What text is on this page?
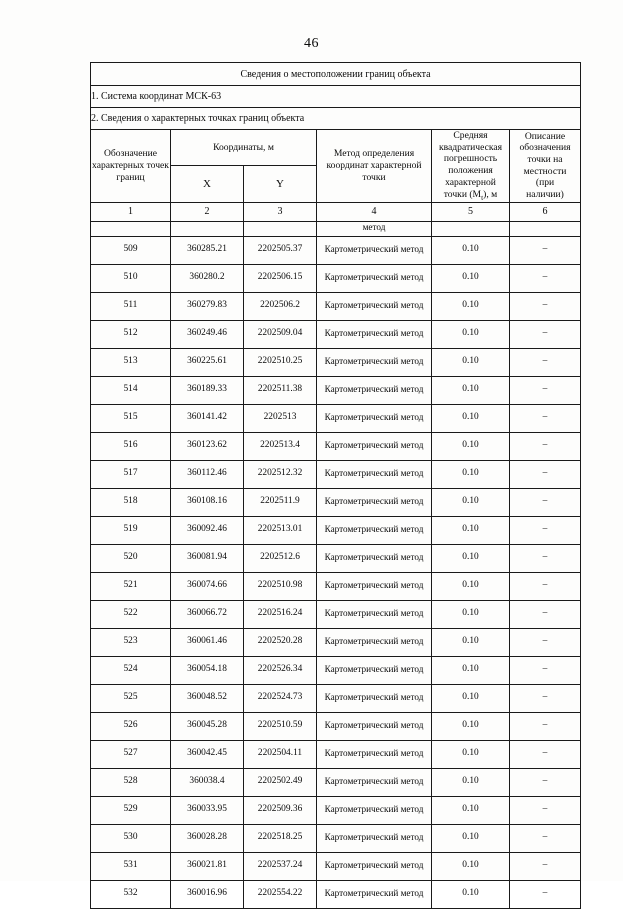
46
Сведения о местоположении границ объекта					
1. Система координат МСК-63					
2. Сведения о характерных точках границ объекта					
Обозначение характерных точек границ	Координаты, м	Метод определения координат характерной точки	Средняя
квадратическая
погрешность
положения
характерной
точки $(M_t)$, м	Описание
обозначения
точки на
местности
(при
наличии)
	X	Y			
1	2	3	4	5	6
			метод		
509	360285.21	2202505.37	Картометрический метод	0.10	–
510	360280.2	2202506.15	Картометрический метод	0.10	–
511	360279.83	2202506.2	Картометрический метод	0.10	–
512	360249.46	2202509.04	Картометрический метод	0.10	–
513	360225.61	2202510.25	Картометрический метод	0.10	–
514	360189.33	2202511.38	Картометрический метод	0.10	–
515	360141.42	2202513	Картометрический метод	0.10	–
516	360123.62	2202513.4	Картометрический метод	0.10	–
517	360112.46	2202512.32	Картометрический метод	0.10	–
518	360108.16	2202511.9	Картометрический метод	0.10	–
519	360092.46	2202513.01	Картометрический метод	0.10	–
520	360081.94	2202512.6	Картометрический метод	0.10	–
521	360074.66	2202510.98	Картометрический метод	0.10	–
522	360066.72	2202516.24	Картометрический метод	0.10	–
523	360061.46	2202520.28	Картометрический метод	0.10	–
524	360054.18	2202526.34	Картометрический метод	0.10	–
525	360048.52	2202524.73	Картометрический метод	0.10	–
526	360045.28	2202510.59	Картометрический метод	0.10	–
527	360042.45	2202504.11	Картометрический метод	0.10	–
528	360038.4	2202502.49	Картометрический метод	0.10	–
529	360033.95	2202509.36	Картометрический метод	0.10	–
530	360028.28	2202518.25	Картометрический метод	0.10	–
531	360021.81	2202537.24	Картометрический метод	0.10	–
532	360016.96	2202554.22	Картометрический метод	0.10	–
